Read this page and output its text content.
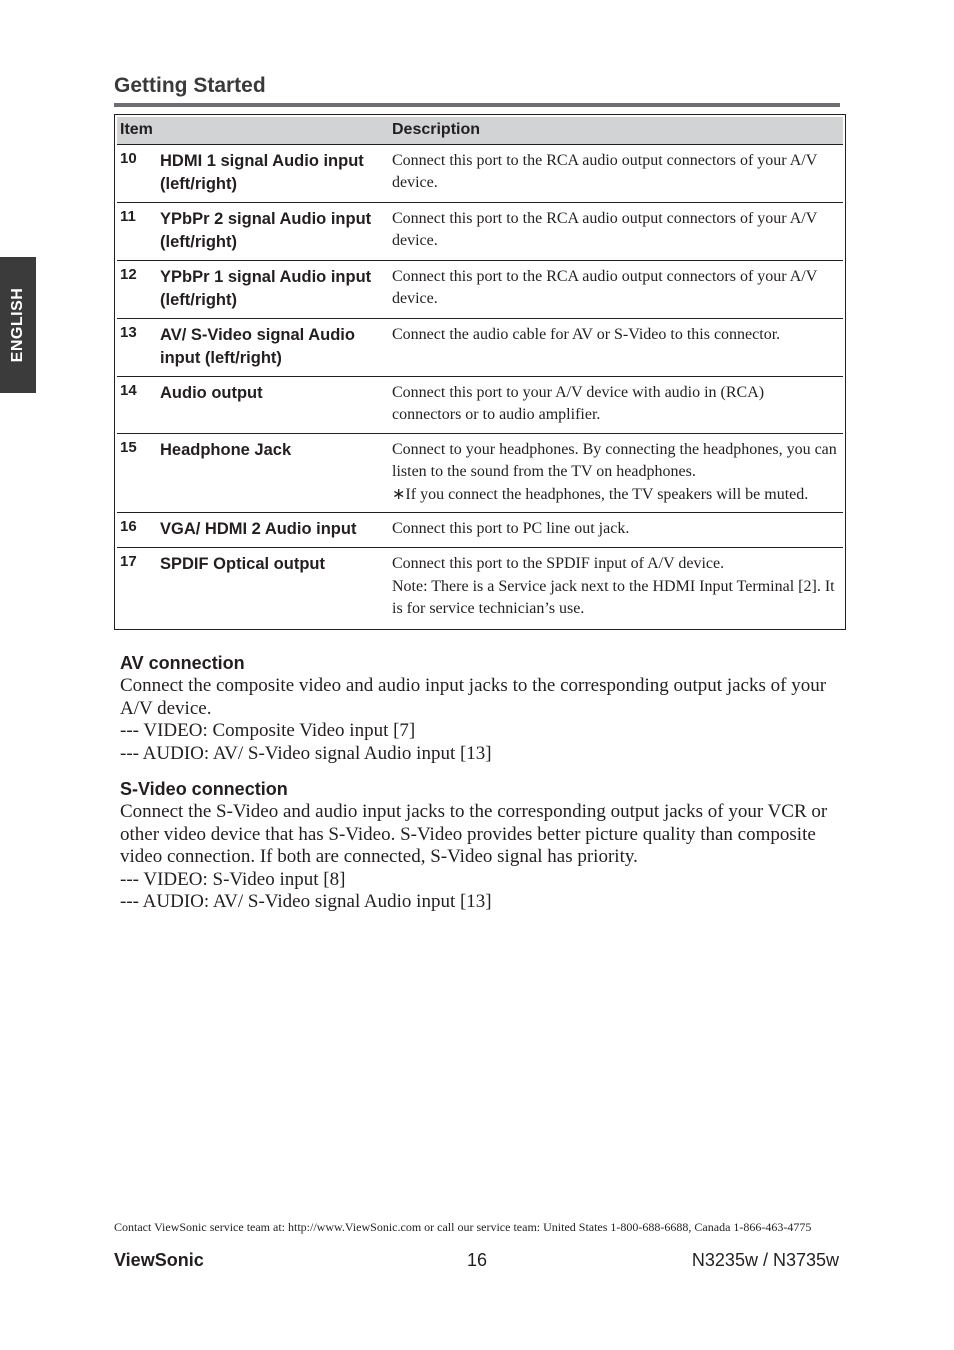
ENGLISH
Getting Started
Item		Description
10	HDMI 1 signal Audio input (left/right)	Connect this port to the RCA audio output connectors of your A/V device.

11	YPbPr 2 signal Audio input (left/right)	Connect this port to the RCA audio output connectors of your A/V device.

12	YPbPr 1 signal Audio input (left/right)	Connect this port to the RCA audio output connectors of your A/V device.

13	AV/ S-Video signal Audio input (left/right)	Connect the audio cable for AV or S-Video to this connector.

14	Audio output	Connect this port to your A/V device with audio in (RCA) connectors or to audio amplifier.

15	Headphone Jack	Connect to your headphones. By connecting the headphones, you can listen to the sound from the TV on headphones.
∗If you connect the headphones, the TV speakers will be muted.

16	VGA/ HDMI 2 Audio input	Connect this port to PC line out jack.

17	SPDIF Optical output	Connect this port to the SPDIF input of A/V device.
Note: There is a Service jack next to the HDMI Input Terminal [2]. It is for service technician’s use.
AV connection
Connect the composite video and audio input jacks to the corresponding output jacks of your A/V device.
--- VIDEO: Composite Video input [7]
--- AUDIO: AV/ S-Video signal Audio input [13]
S-Video connection
Connect the S-Video and audio input jacks to the corresponding output jacks of your VCR or other video device that has S-Video. S-Video provides better picture quality than composite video connection. If both are connected, S-Video signal has priority.
--- VIDEO: S-Video input [8]
--- AUDIO: AV/ S-Video signal Audio input [13]
Contact ViewSonic service team at: http://www.ViewSonic.com or call our service team: United States 1-800-688-6688, Canada 1-866-463-4775
ViewSonic	16	N3235w / N3735w
